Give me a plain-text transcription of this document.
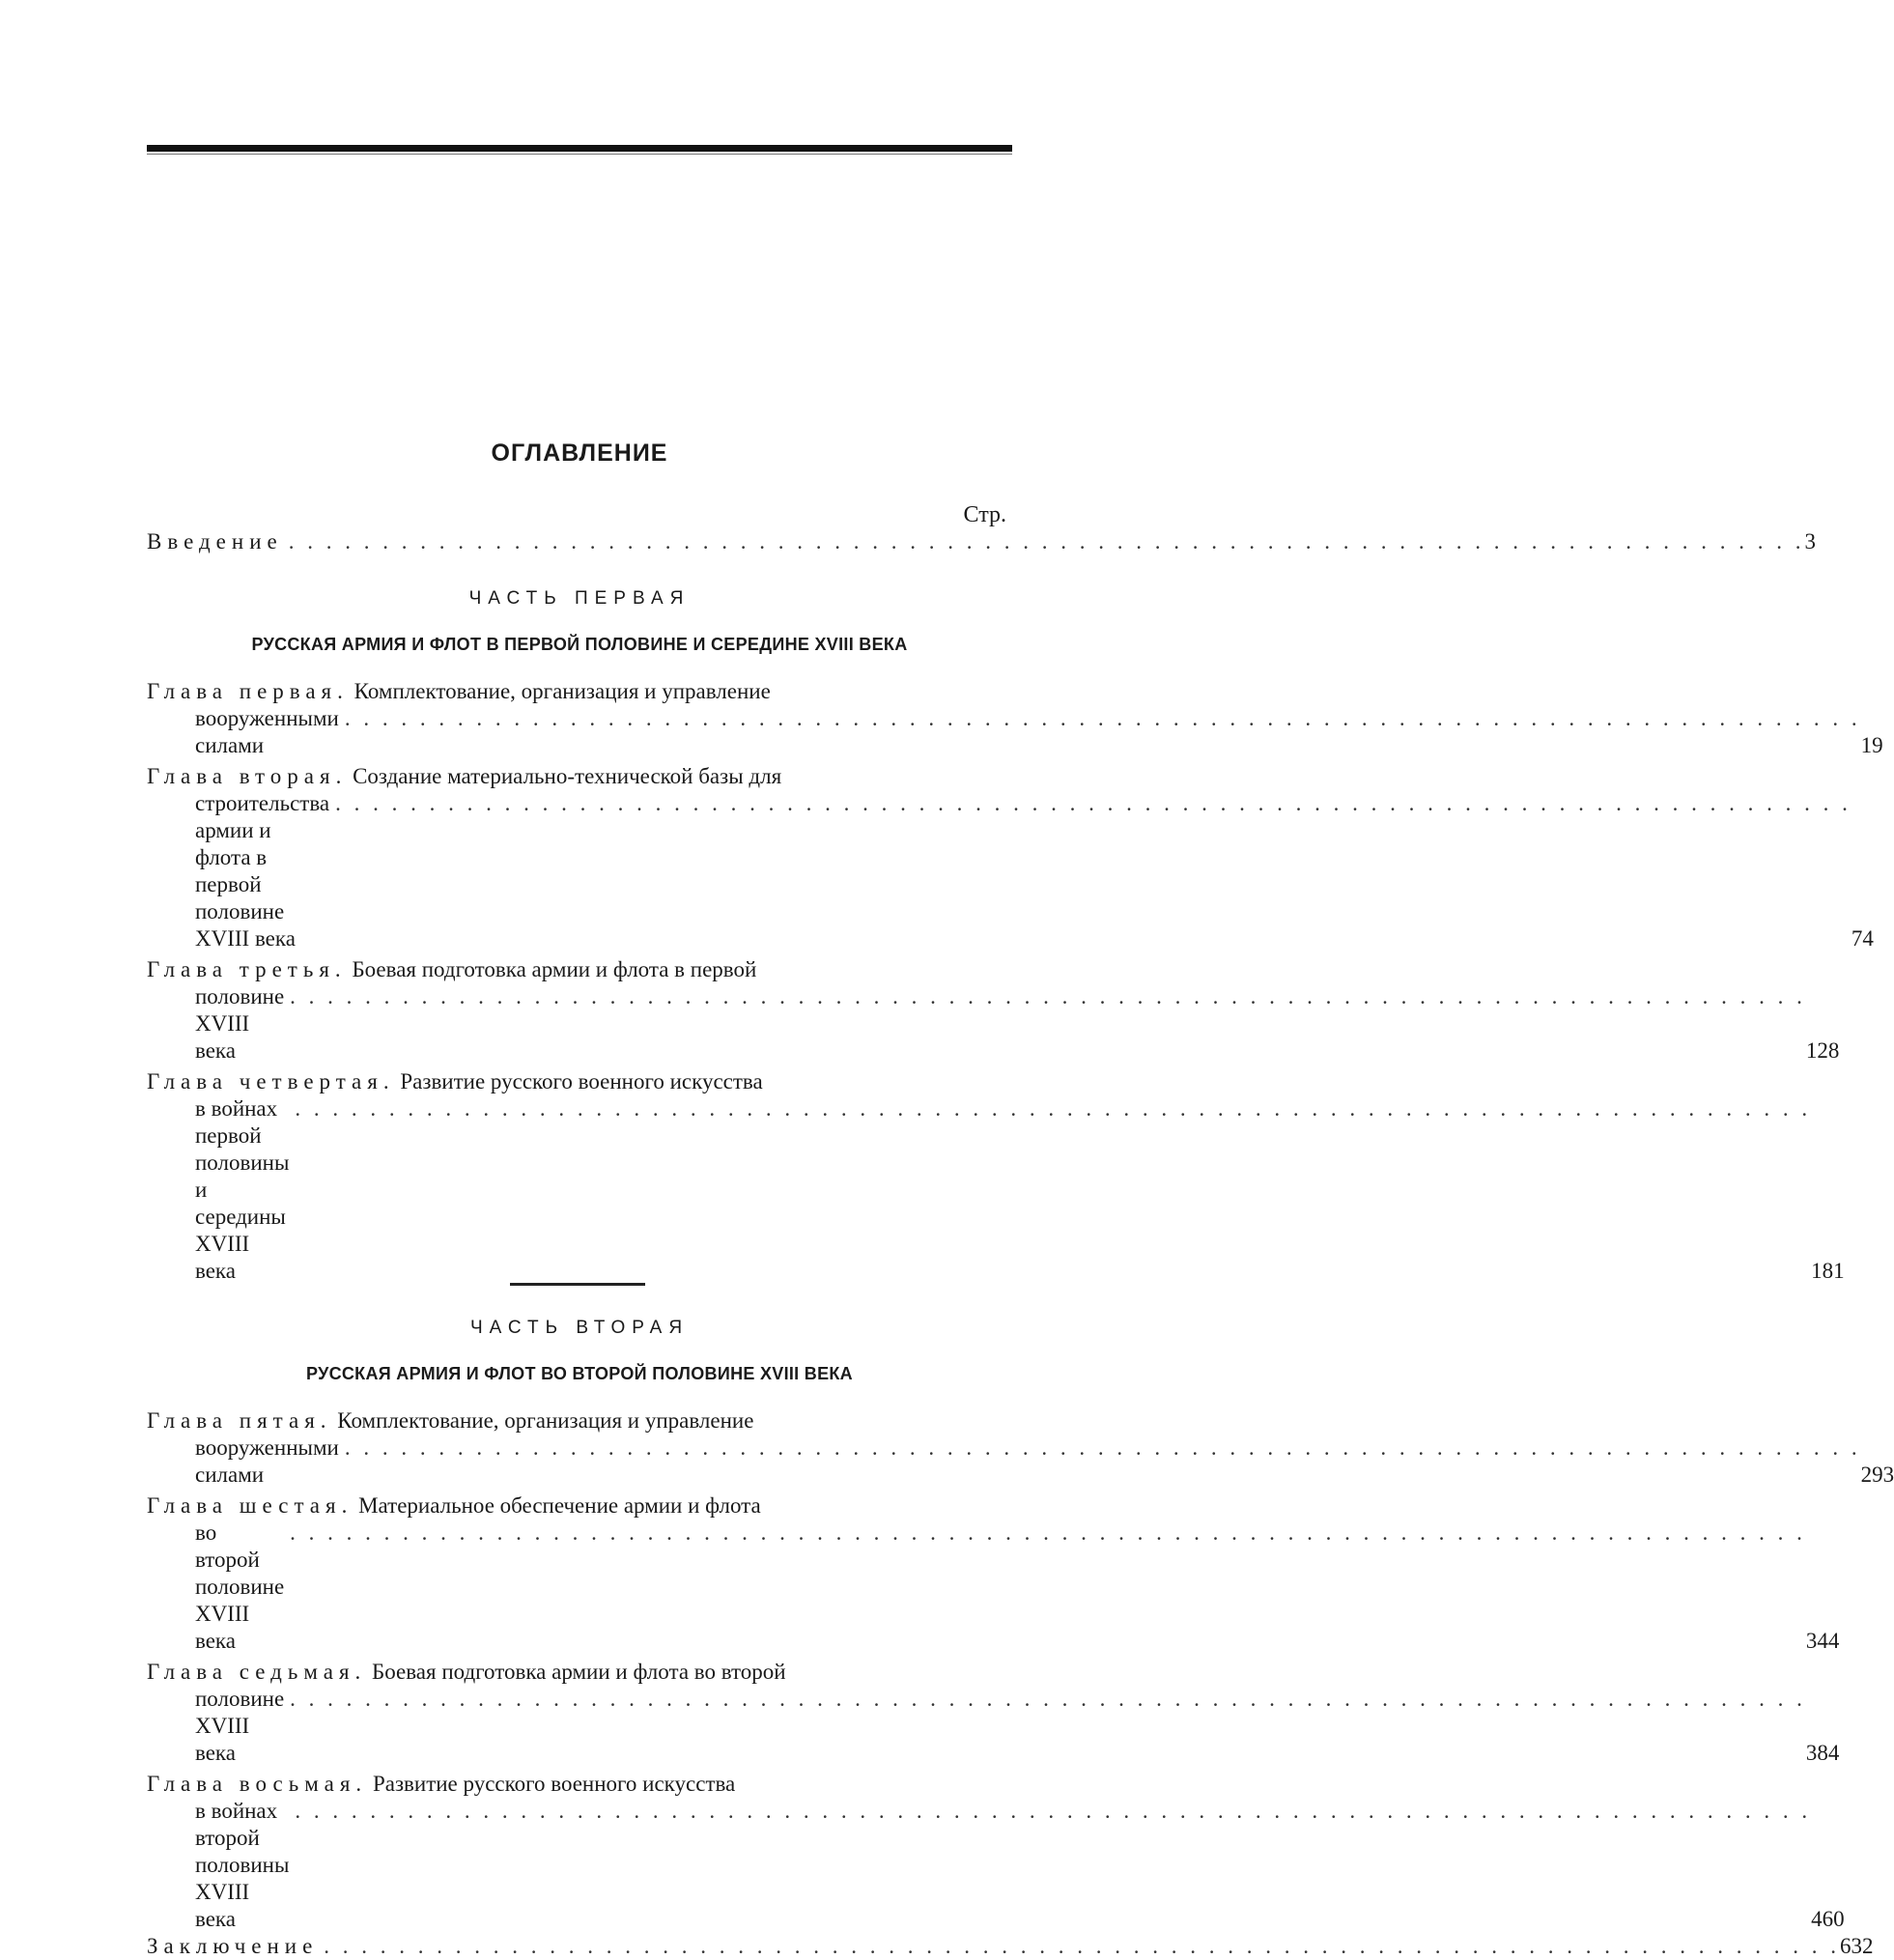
ОГЛАВЛЕНИЕ
Стр.
Введение . . .	3
ЧАСТЬ ПЕРВАЯ
РУССКАЯ АРМИЯ И ФЛОТ В ПЕРВОЙ ПОЛОВИНЕ И СЕРЕДИНЕ XVIII ВЕКА
Глава первая. Комплектование, организация и управление
вооруженными силами
. . .	19
Глава вторая. Создание материально-технической базы для
строительства армии и флота в первой половине XVIII века
. . .	74
Глава третья. Боевая подготовка армии и флота в первой
половине XVIII века
. . .	128
Глава четвертая. Развитие русского военного искусства
в войнах первой половины и середины XVIII века
. . .	181
ЧАСТЬ ВТОРАЯ
РУССКАЯ АРМИЯ И ФЛОТ ВО ВТОРОЙ ПОЛОВИНЕ XVIII ВЕКА
Глава пятая. Комплектование, организация и управление
вооруженными силами
. . .	293
Глава шестая. Материальное обеспечение армии и флота
во второй половине XVIII века
. . .	344
Глава седьмая. Боевая подготовка армии и флота во второй
половине XVIII века
. . .	384
Глава восьмая. Развитие русского военного искусства
в войнах второй половины XVIII века
. . .	460
Заключение . . .	632
